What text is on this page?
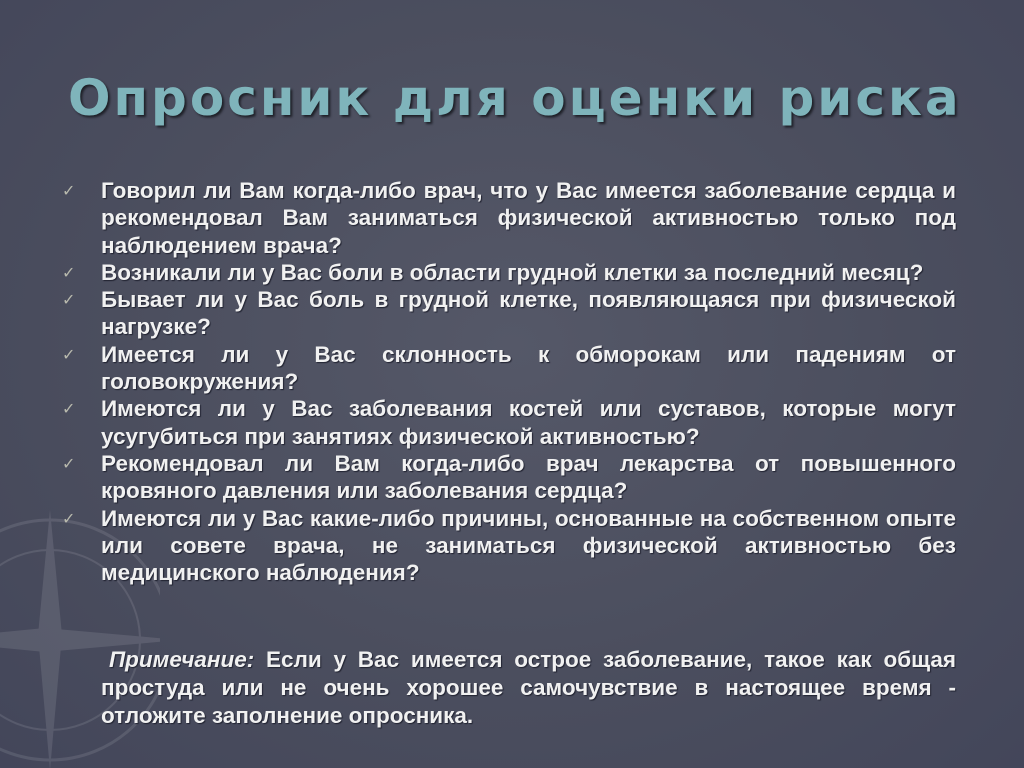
Опросник для оценки риска
✓ Говорил ли Вам когда-либо врач, что у Вас имеется заболевание сердца и рекомендовал Вам заниматься физической активностью только под наблюдением врача?
✓ Возникали ли у Вас боли в области грудной клетки за последний месяц?
✓ Бывает ли у Вас боль в грудной клетке, появляющаяся при физической нагрузке?
✓ Имеется ли у Вас склонность к обморокам или падениям от головокружения?
✓ Имеются ли у Вас заболевания костей или суставов, которые могут усугубиться при занятиях физической активностью?
✓ Рекомендовал ли Вам когда-либо врач лекарства от повышенного кровяного давления или заболевания сердца?
✓ Имеются ли у Вас какие-либо причины, основанные на собственном опыте или совете врача, не заниматься физической активностью без медицинского наблюдения?

Примечание: Если у Вас имеется острое заболевание, такое как общая простуда или не очень хорошее самочувствие в настоящее время - отложите заполнение опросника.
